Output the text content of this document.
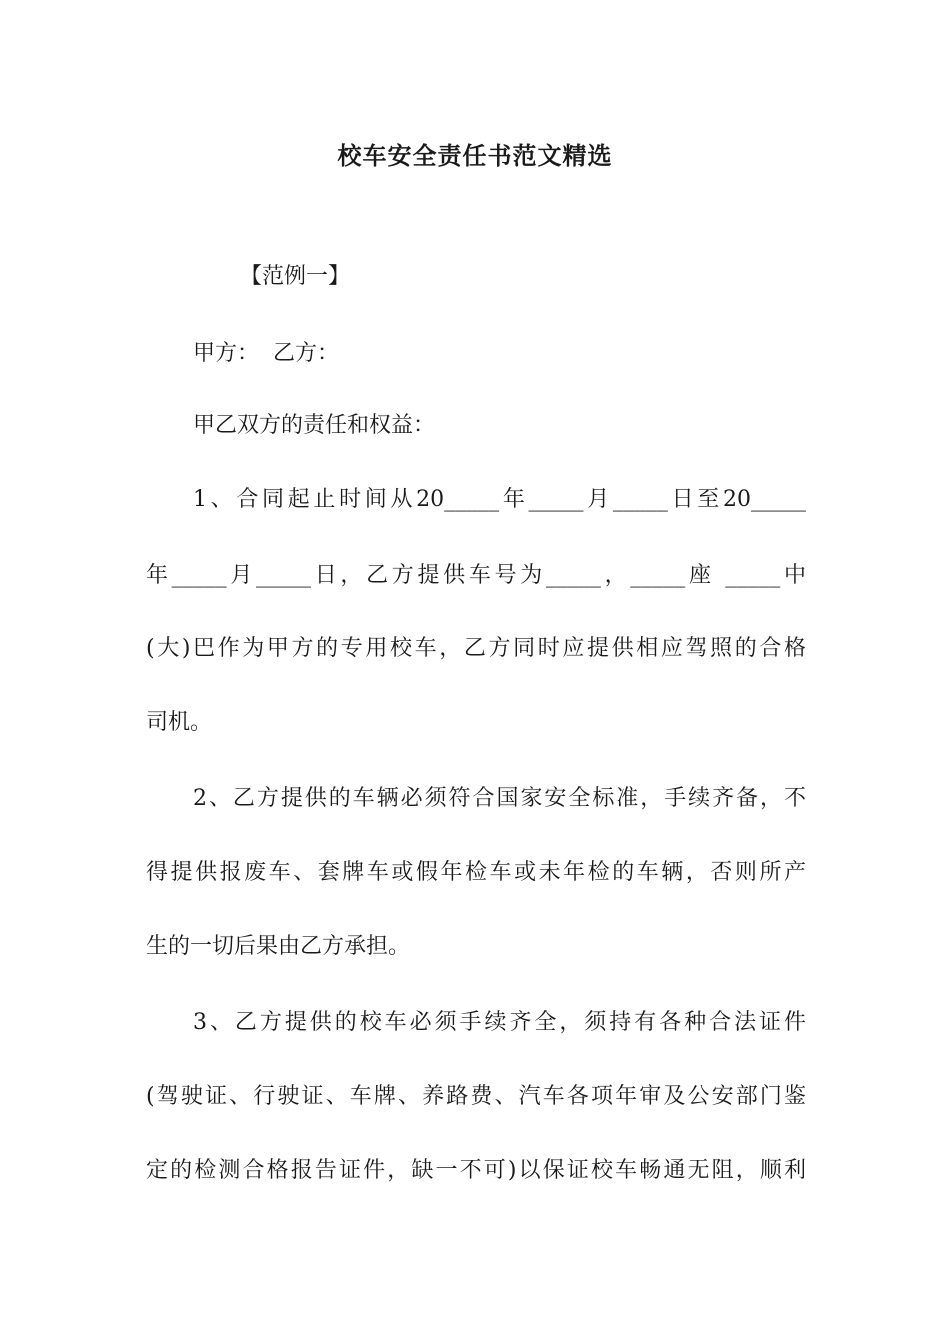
校车安全责任书范文精选
【范例一】
甲方：  乙方：
甲乙双方的责任和权益：
1、合同起止时间从20_____年_____月_____日至20_____
年_____月_____日，乙方提供车号为_____，_____座 _____中
(大)巴作为甲方的专用校车，乙方同时应提供相应驾照的合格
司机。
2、乙方提供的车辆必须符合国家安全标准，手续齐备，不
得提供报废车、套牌车或假年检车或未年检的车辆，否则所产
生的一切后果由乙方承担。
3、乙方提供的校车必须手续齐全，须持有各种合法证件
(驾驶证、行驶证、车牌、养路费、汽车各项年审及公安部门鉴
定的检测合格报告证件，缺一不可)以保证校车畅通无阻，顺利
